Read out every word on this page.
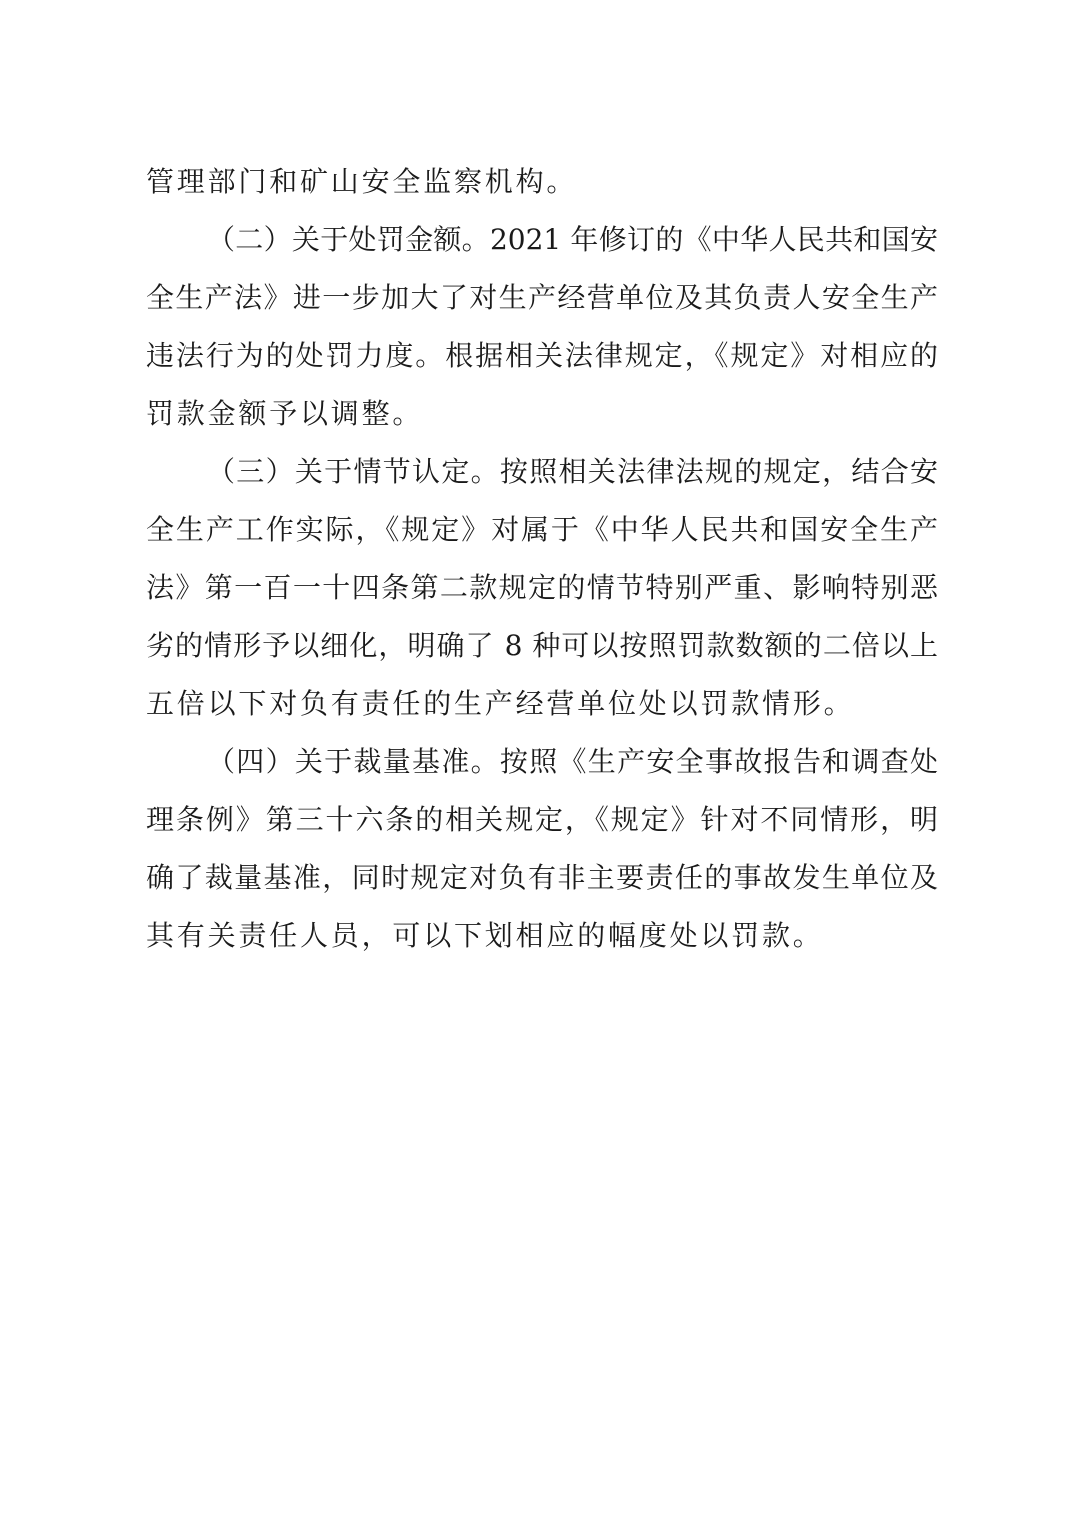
管理部门和矿山安全监察机构。
（二）关于处罚金额。2021 年修订的《中华人民共和国安
全生产法》进一步加大了对生产经营单位及其负责人安全生产
违法行为的处罚力度。根据相关法律规定，《规定》对相应的
罚款金额予以调整。
（三）关于情节认定。按照相关法律法规的规定，结合安
全生产工作实际，《规定》对属于《中华人民共和国安全生产
法》第一百一十四条第二款规定的情节特别严重、影响特别恶
劣的情形予以细化，明确了 8 种可以按照罚款数额的二倍以上
五倍以下对负有责任的生产经营单位处以罚款情形。
（四）关于裁量基准。按照《生产安全事故报告和调查处
理条例》第三十六条的相关规定，《规定》针对不同情形，明
确了裁量基准，同时规定对负有非主要责任的事故发生单位及
其有关责任人员，可以下划相应的幅度处以罚款。
